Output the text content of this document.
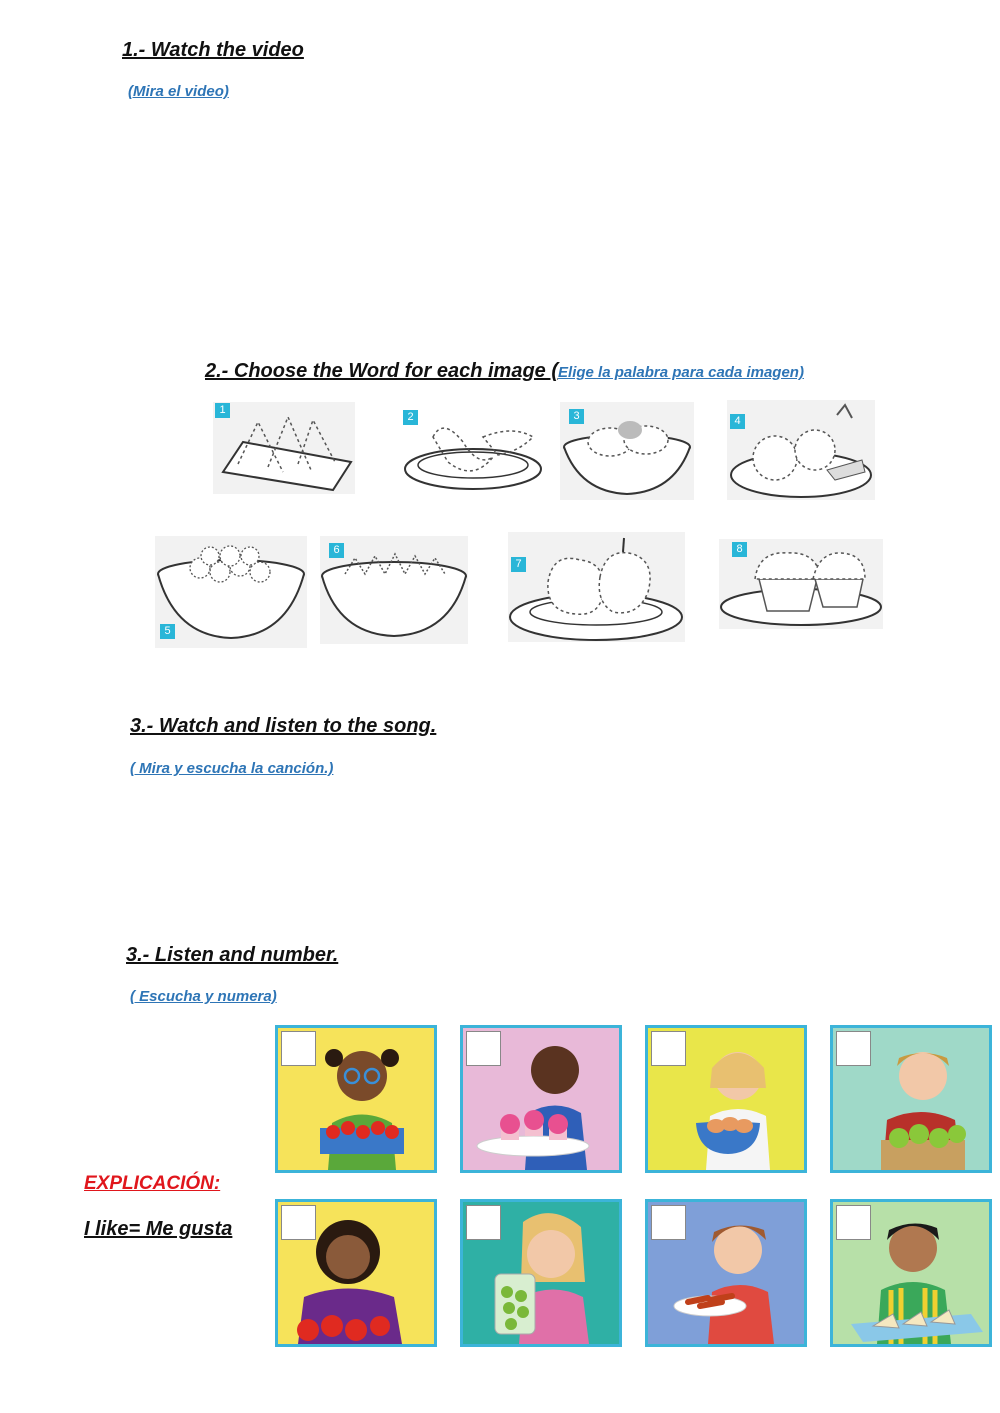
1.- Watch the video
(Mira el video)
2.- Choose the Word for each image (Elige la palabra para cada imagen)
1
2	3	4
5
6
7
8
3.- Watch and listen to the song.
( Mira y escucha la canción.)
3.- Listen and number.
( Escucha y numera)
EXPLICACIÓN:
I like= Me gusta
